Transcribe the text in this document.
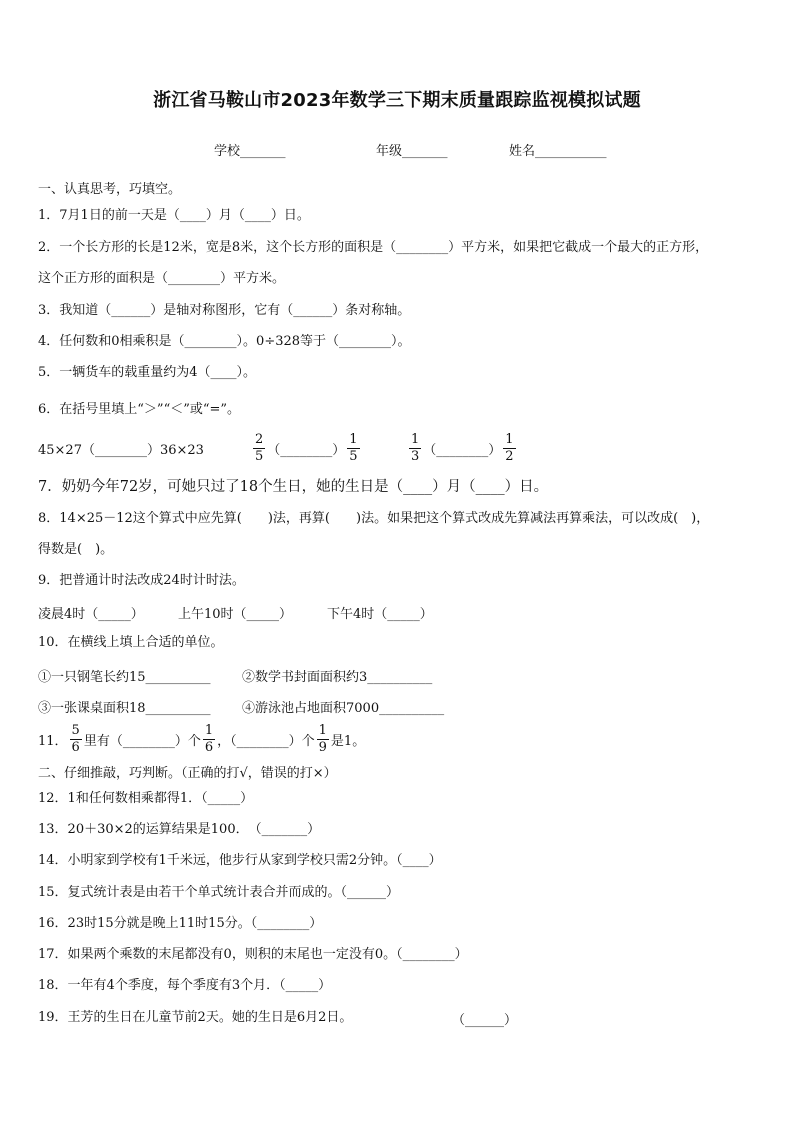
浙江省马鞍山市2023年数学三下期末质量跟踪监视模拟试题
学校_______	年级_______	姓名___________
一、认真思考，巧填空。
1．7月1日的前一天是（____）月（____）日。
2．一个长方形的长是12米，宽是8米，这个长方形的面积是（________）平方米，如果把它截成一个最大的正方形，
这个正方形的面积是（________）平方米。
3．我知道（______）是轴对称图形，它有（______）条对称轴。
4．任何数和0相乘积是（________）。0÷328等于（________）。
5．一辆货车的载重量约为4（____）。
6．在括号里填上“＞”“＜”或“=”。
45×27（________）36×23	$\frac{2}{5}$ （________） $\frac{1}{5}$	$\frac{1}{3}$ （________） $\frac{1}{2}$
7．奶奶今年72岁，可她只过了18个生日，她的生日是（____）月（____）日。
8．14×25－12这个算式中应先算(　　)法，再算(　　)法。如果把这个算式改成先算减法再算乘法，可以改成(　)，
得数是(　)。
9．把普通计时法改成24时计时法。
凌晨4时（_____）	上午10时（_____）	下午4时（_____）
10．在横线上填上合适的单位。
①一只钢笔长约15__________ ②数学书封面面积约3__________
③一张课桌面积18__________ ④游泳池占地面积7000__________
11． $\frac{5}{6}$ 里有（________）个 $\frac{1}{6}$ ，（________）个 $\frac{1}{9}$ 是1。
二、仔细推敲，巧判断。（正确的打√，错误的打×）
12．1和任何数相乘都得1．（_____）
13．20＋30×2的运算结果是100．　（_______）
14．小明家到学校有1千米远，他步行从家到学校只需2分钟。（____）
15．复式统计表是由若干个单式统计表合并而成的。（______）
16．23时15分就是晚上11时15分。（________）
17．如果两个乘数的末尾都没有0，则积的末尾也一定没有0。（________）
18．一年有4个季度，每个季度有3个月．（_____）
19．王芳的生日在儿童节前2天。她的生日是6月2日。	（______）
